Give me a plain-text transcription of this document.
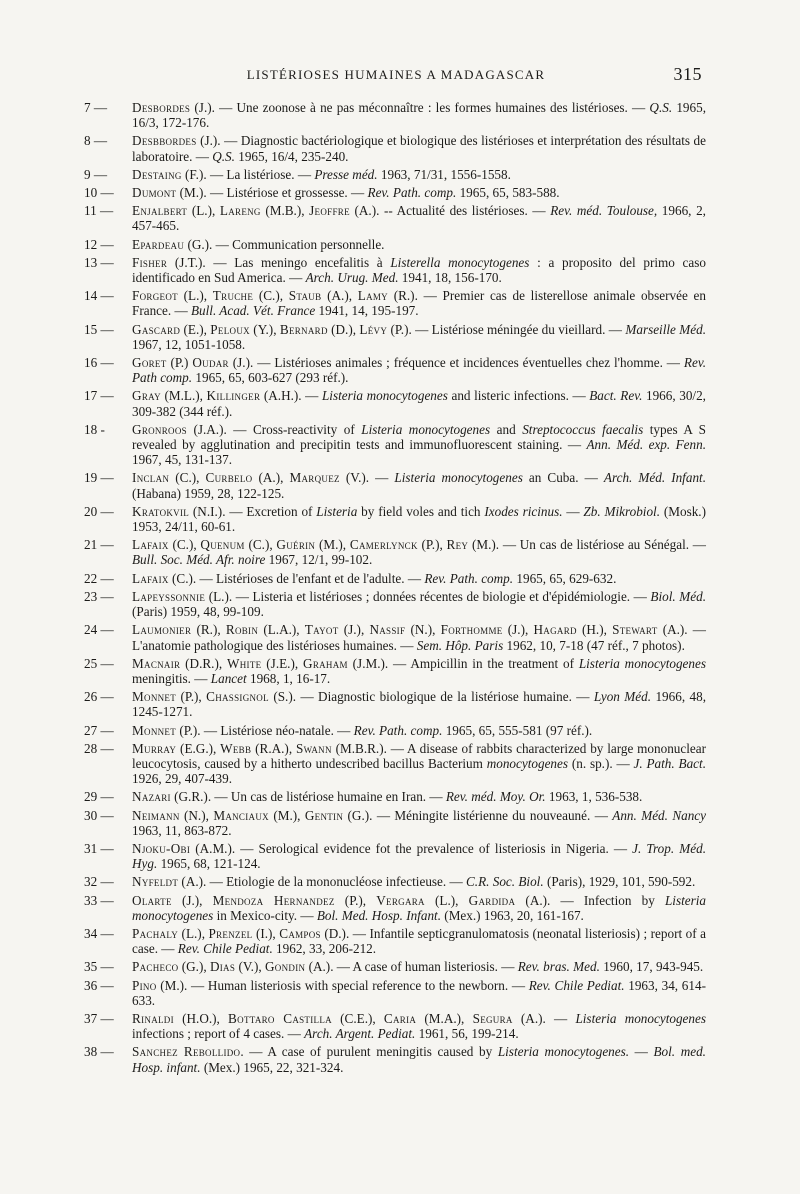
LISTÉRIOSES HUMAINES A MADAGASCAR	315
7 —	Desbordes (J.). — Une zoonose à ne pas méconnaître : les formes humaines des listérioses. — Q.S. 1965, 16/3, 172-176.
8 —	Desbbordes (J.). — Diagnostic bactériologique et biologique des listérioses et interprétation des résultats de laboratoire. — Q.S. 1965, 16/4, 235-240.
9 —	Destaing (F.). — La listériose. — Presse méd. 1963, 71/31, 1556-1558.
10 —	Dumont (M.). — Listériose et grossesse. — Rev. Path. comp. 1965, 65, 583-588.
11 —	Enjalbert (L.), Lareng (M.B.), Jeoffre (A.). -- Actualité des listérioses. — Rev. méd. Toulouse, 1966, 2, 457-465.
12 —	Epardeau (G.). — Communication personnelle.
13 —	Fisher (J.T.). — Las meningo encefalitis à Listerella monocytogenes : a proposito del primo caso identificado en Sud America. — Arch. Urug. Med. 1941, 18, 156-170.
14 —	Forgeot (L.), Truche (C.), Staub (A.), Lamy (R.). — Premier cas de listerellose animale observée en France. — Bull. Acad. Vét. France 1941, 14, 195-197.
15 —	Gascard (E.), Peloux (Y.), Bernard (D.), Lévy (P.). — Listériose méningée du vieillard. — Marseille Méd. 1967, 12, 1051-1058.
16 —	Goret (P.) Oudar (J.). — Listérioses animales ; fréquence et incidences éventuelles chez l'homme. — Rev. Path comp. 1965, 65, 603-627 (293 réf.).
17 —	Gray (M.L.), Killinger (A.H.). — Listeria monocytogenes and listeric infections. — Bact. Rev. 1966, 30/2, 309-382 (344 réf.).
18 -	Gronroos (J.A.). — Cross-reactivity of Listeria monocytogenes and Streptococcus faecalis types A S revealed by agglutination and precipitin tests and immunofluorescent staining. — Ann. Méd. exp. Fenn. 1967, 45, 131-137.
19 —	Inclan (C.), Curbelo (A.), Marquez (V.). — Listeria monocytogenes an Cuba. — Arch. Méd. Infant. (Habana) 1959, 28, 122-125.
20 —	Kratokvil (N.I.). — Excretion of Listeria by field voles and tich Ixodes ricinus. — Zb. Mikrobiol. (Mosk.) 1953, 24/11, 60-61.
21 —	Lafaix (C.), Quenum (C.), Guérin (M.), Camerlynck (P.), Rey (M.). — Un cas de listériose au Sénégal. — Bull. Soc. Méd. Afr. noire 1967, 12/1, 99-102.
22 —	Lafaix (C.). — Listérioses de l'enfant et de l'adulte. — Rev. Path. comp. 1965, 65, 629-632.
23 —	Lapeyssonnie (L.). — Listeria et listérioses ; données récentes de biologie et d'épidémiologie. — Biol. Méd. (Paris) 1959, 48, 99-109.
24 —	Laumonier (R.), Robin (L.A.), Tayot (J.), Nassif (N.), Forthomme (J.), Hagard (H.), Stewart (A.). — L'anatomie pathologique des listérioses humaines. — Sem. Hôp. Paris 1962, 10, 7-18 (47 réf., 7 photos).
25 —	Macnair (D.R.), White (J.E.), Graham (J.M.). — Ampicillin in the treatment of Listeria monocytogenes meningitis. — Lancet 1968, 1, 16-17.
26 —	Monnet (P.), Chassignol (S.). — Diagnostic biologique de la listériose humaine. — Lyon Méd. 1966, 48, 1245-1271.
27 —	Monnet (P.). — Listériose néo-natale. — Rev. Path. comp. 1965, 65, 555-581 (97 réf.).
28 —	Murray (E.G.), Webb (R.A.), Swann (M.B.R.). — A disease of rabbits characterized by large mononuclear leucocytosis, caused by a hitherto undescribed bacillus Bacterium monocytogenes (n. sp.). — J. Path. Bact. 1926, 29, 407-439.
29 —	Nazari (G.R.). — Un cas de listériose humaine en Iran. — Rev. méd. Moy. Or. 1963, 1, 536-538.
30 —	Neimann (N.), Manciaux (M.), Gentin (G.). — Méningite listérienne du nouveauné. — Ann. Méd. Nancy 1963, 11, 863-872.
31 —	Njoku-Obi (A.M.). — Serological evidence fot the prevalence of listeriosis in Nigeria. — J. Trop. Méd. Hyg. 1965, 68, 121-124.
32 —	Nyfeldt (A.). — Etiologie de la mononucléose infectieuse. — C.R. Soc. Biol. (Paris), 1929, 101, 590-592.
33 —	Olarte (J.), Mendoza Hernandez (P.), Vergara (L.), Gardida (A.). — Infection by Listeria monocytogenes in Mexico-city. — Bol. Med. Hosp. Infant. (Mex.) 1963, 20, 161-167.
34 —	Pachaly (L.), Prenzel (I.), Campos (D.). — Infantile septicgranulomatosis (neonatal listeriosis) ; report of a case. — Rev. Chile Pediat. 1962, 33, 206-212.
35 —	Pacheco (G.), Dias (V.), Gondin (A.). — A case of human listeriosis. — Rev. bras. Med. 1960, 17, 943-945.
36 —	Pino (M.). — Human listeriosis with special reference to the newborn. — Rev. Chile Pediat. 1963, 34, 614-633.
37 —	Rinaldi (H.O.), Bottaro Castilla (C.E.), Caria (M.A.), Segura (A.). — Listeria monocytogenes infections ; report of 4 cases. — Arch. Argent. Pediat. 1961, 56, 199-214.
38 —	Sanchez Rebollido. — A case of purulent meningitis caused by Listeria monocytogenes. — Bol. med. Hosp. infant. (Mex.) 1965, 22, 321-324.
